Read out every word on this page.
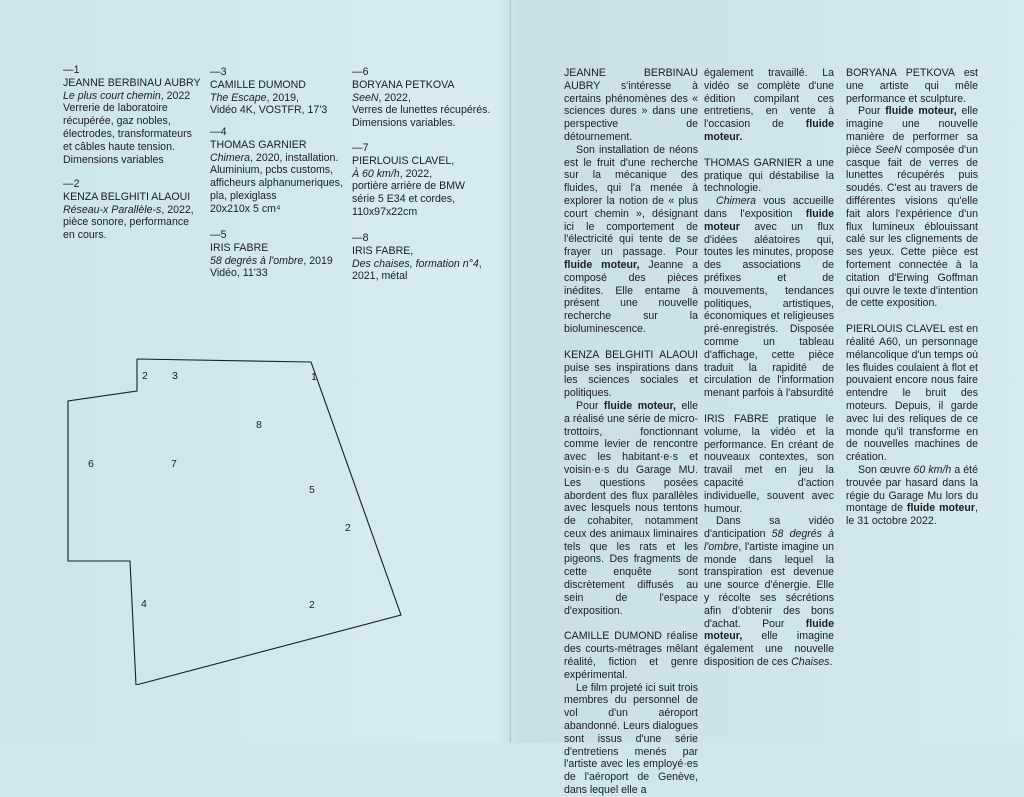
—1
JEANNE BERBINAU AUBRY
Le plus court chemin, 2022
Verrerie de laboratoire
récupérée, gaz nobles,
électrodes, transformateurs
et câbles haute tension.
Dimensions variables
—2
KENZA BELGHITI ALAOUI
Réseau-x Parallèle-s, 2022,
pièce sonore, performance
en cours.
—3
CAMILLE DUMOND
The Escape, 2019,
Vidéo 4K, VOSTFR, 17'3
—4
THOMAS GARNIER
Chimera, 2020, installation.
Aluminium, pcbs customs,
afficheurs alphanumeriques,
pla, plexiglass
20x210x 5 cm⁴
—5
IRIS FABRE
58 degrés à l'ombre, 2019
Vidéo, 11'33
—6
BORYANA PETKOVA
SeeN, 2022,
Verres de lunettes récupérés.
Dimensions variables.
—7
PIERLOUIS CLAVEL,
À 60 km/h, 2022,
portière arrière de BMW
série 5 E34 et cordes,
110x97x22cm
—8
IRIS FABRE,
Des chaises, formation n°4,
2021, métal
2 3	1
8
6	7
5
2
4	2

JEANNE BERBINAU AUBRY s'intéresse à certains phénomènes des « sciences dures » dans une perspective de détournement.

Son installation de néons est le fruit d'une recherche sur la mécanique des fluides, qui l'a menée à explorer la notion de « plus court chemin », désignant ici le comportement de l'électricité qui tente de se frayer un passage. Pour fluide moteur, Jeanne a composé des pièces inédites. Elle entame à présent une nouvelle recherche sur la bioluminescence.

KENZA BELGHITI ALAOUI puise ses inspirations dans les sciences sociales et politiques.

Pour fluide moteur, elle a réalisé une série de micro-trottoirs, fonctionnant comme levier de rencontre avec les habitant·e·s et voisin·e·s du Garage MU. Les questions posées abordent des flux parallèles avec lesquels nous tentons de cohabiter, notamment ceux des animaux liminaires tels que les rats et les pigeons. Des fragments de cette enquête sont discrètement diffusés au sein de l'espace d'exposition.

CAMILLE DUMOND réalise des courts-métrages mêlant réalité, fiction et genre expérimental.

Le film projeté ici suit trois membres du personnel de vol d'un aéroport abandonné. Leurs dialogues sont issus d'une série d'entretiens menés par l'artiste avec les employé·es de l'aéroport de Genève, dans lequel elle a

également travaillé. La vidéo se complète d'une édition compilant ces entretiens, en vente à l'occasion de fluide moteur.

THOMAS GARNIER a une pratique qui déstabilise la technologie.

Chimera vous accueille dans l'exposition fluide moteur avec un flux d'idées aléatoires qui, toutes les minutes, propose des associations de préfixes et de mouvements, tendances politiques, artistiques, économiques et religieuses pré-enregistrés. Disposée comme un tableau d'affichage, cette pièce traduit la rapidité de circulation de l'information menant parfois à l'absurdité

IRIS FABRE pratique le volume, la vidéo et la performance. En créant de nouveaux contextes, son travail met en jeu la capacité d'action individuelle, souvent avec humour.

Dans sa vidéo d'anticipation 58 degrés à l'ombre, l'artiste imagine un monde dans lequel la transpiration est devenue une source d'énergie. Elle y récolte ses sécrétions afin d'obtenir des bons d'achat. Pour fluide moteur, elle imagine également une nouvelle disposition de ces Chaises.

BORYANA PETKOVA est une artiste qui mêle performance et sculpture.

Pour fluide moteur, elle imagine une nouvelle manière de performer sa pièce SeeN composée d'un casque fait de verres de lunettes récupérés puis soudés. C'est au travers de différentes visions qu'elle fait alors l'expérience d'un flux lumineux éblouissant calé sur les clignements de ses yeux. Cette pièce est fortement connectée à la citation d'Erwing Goffman qui ouvre le texte d'intention de cette exposition.

PIERLOUIS CLAVEL est en réalité A60, un personnage mélancolique d'un temps où les fluides coulaient à flot et pouvaient encore nous faire entendre le bruit des moteurs. Depuis, il garde avec lui des reliques de ce monde qu'il transforme en de nouvelles machines de création.

Son œuvre 60 km/h a été trouvée par hasard dans la régie du Garage Mu lors du montage de fluide moteur, le 31 octobre 2022.
